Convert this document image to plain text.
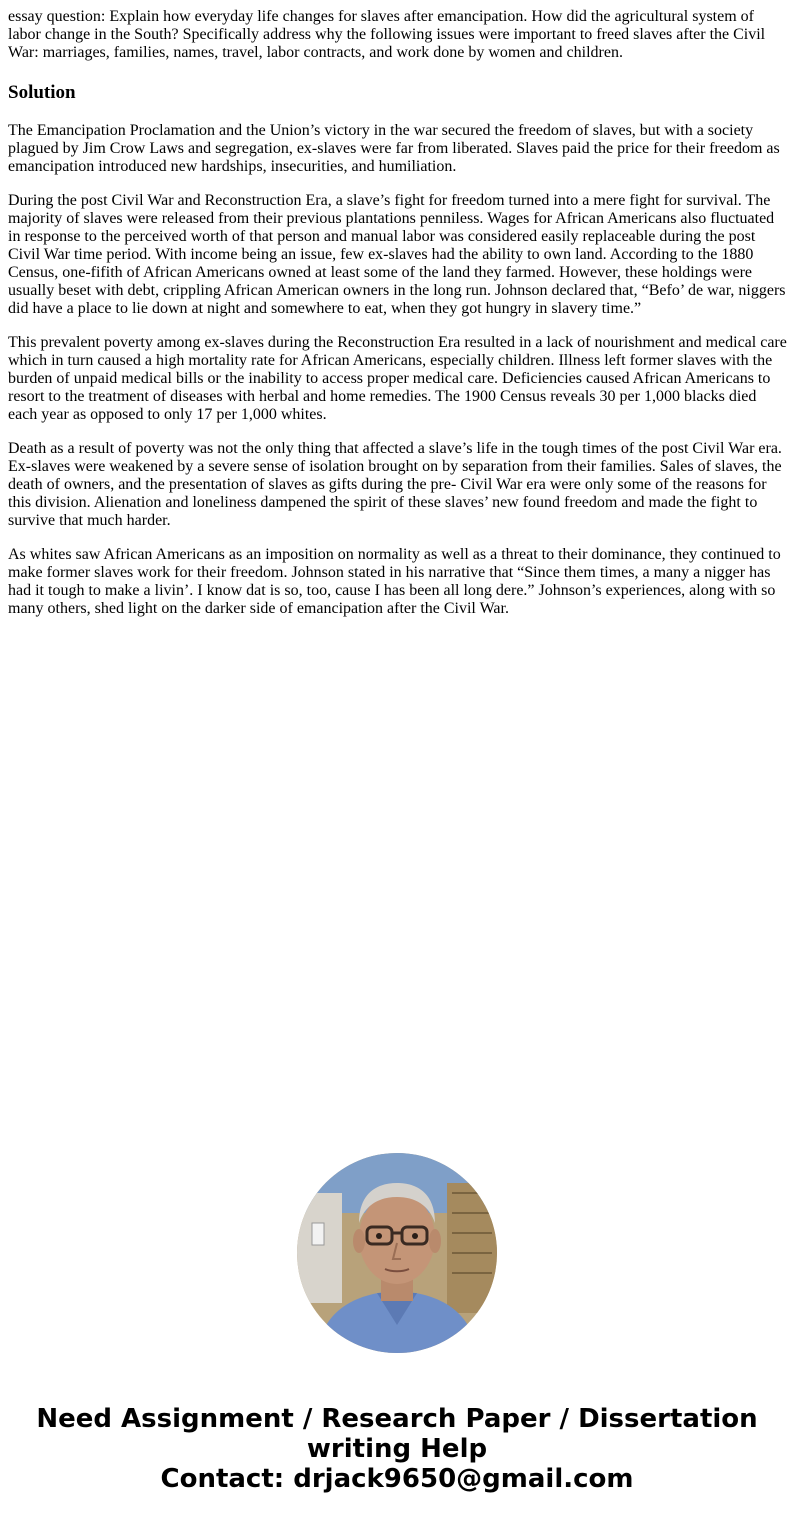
essay question: Explain how everyday life changes for slaves after emancipation. How did the agricultural system of labor change in the South? Specifically address why the following issues were important to freed slaves after the Civil War: marriages, families, names, travel, labor contracts, and work done by women and children.

Solution

The Emancipation Proclamation and the Union’s victory in the war secured the freedom of slaves, but with a society plagued by Jim Crow Laws and segregation, ex-slaves were far from liberated. Slaves paid the price for their freedom as emancipation introduced new hardships, insecurities, and humiliation.

During the post Civil War and Reconstruction Era, a slave’s fight for freedom turned into a mere fight for survival. The majority of slaves were released from their previous plantations penniless. Wages for African Americans also fluctuated in response to the perceived worth of that person and manual labor was considered easily replaceable during the post Civil War time period. With income being an issue, few ex-slaves had the ability to own land. According to the 1880 Census, one-fifith of African Americans owned at least some of the land they farmed. However, these holdings were usually beset with debt, crippling African American owners in the long run. Johnson declared that, “Befo’ de war, niggers did have a place to lie down at night and somewhere to eat, when they got hungry in slavery time.”

This prevalent poverty among ex-slaves during the Reconstruction Era resulted in a lack of nourishment and medical care which in turn caused a high mortality rate for African Americans, especially children. Illness left former slaves with the burden of unpaid medical bills or the inability to access proper medical care. Deficiencies caused African Americans to resort to the treatment of diseases with herbal and home remedies. The 1900 Census reveals 30 per 1,000 blacks died each year as opposed to only 17 per 1,000 whites.

Death as a result of poverty was not the only thing that affected a slave’s life in the tough times of the post Civil War era. Ex-slaves were weakened by a severe sense of isolation brought on by separation from their families. Sales of slaves, the death of owners, and the presentation of slaves as gifts during the pre- Civil War era were only some of the reasons for this division. Alienation and loneliness dampened the spirit of these slaves’ new found freedom and made the fight to survive that much harder.

As whites saw African Americans as an imposition on normality as well as a threat to their dominance, they continued to make former slaves work for their freedom. Johnson stated in his narrative that “Since them times, a many a nigger has had it tough to make a livin’. I know dat is so, too, cause I has been all long dere.” Johnson’s experiences, along with so many others, shed light on the darker side of emancipation after the Civil War.

Need Assignment / Research Paper / Dissertation
writing Help
Contact: drjack9650@gmail.com
